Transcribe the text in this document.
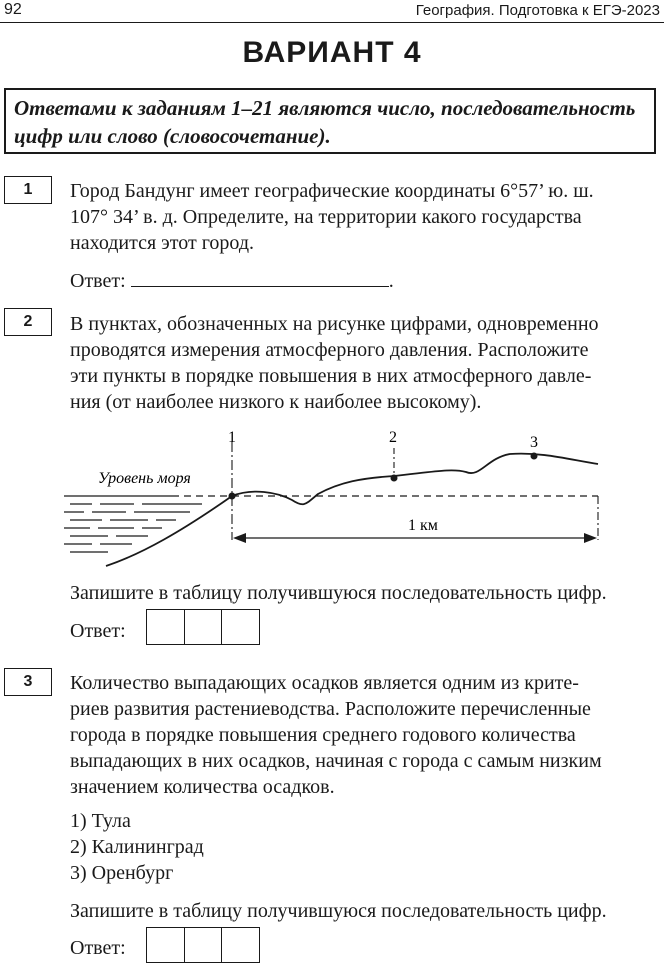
92	География. Подготовка к ЕГЭ-2023
ВАРИАНТ 4
Ответами к заданиям 1–21 являются число, последовательность
цифр или слово (словосочетание).
1	Город Бандунг имеет географические координаты 6°57’ ю. ш.
107° 34’ в. д. Определите, на территории какого государства
находится этот город.
Ответ:	.
2	В пунктах, обозначенных на рисунке цифрами, одновременно
проводятся измерения атмосферного давления. Расположите
эти пункты в порядке повышения в них атмосферного давле-
ния (от наиболее низкого к наиболее высокому).
1	2	3
Уровень моря
1 км
Запишите в таблицу получившуюся последовательность цифр.
Ответ:
3	Количество выпадающих осадков является одним из крите-
риев развития растениеводства. Расположите перечисленные
города в порядке повышения среднего годового количества
выпадающих в них осадков, начиная с города с самым низким
значением количества осадков.
1) Тула
2) Калининград
3) Оренбург
Запишите в таблицу получившуюся последовательность цифр.
Ответ:
